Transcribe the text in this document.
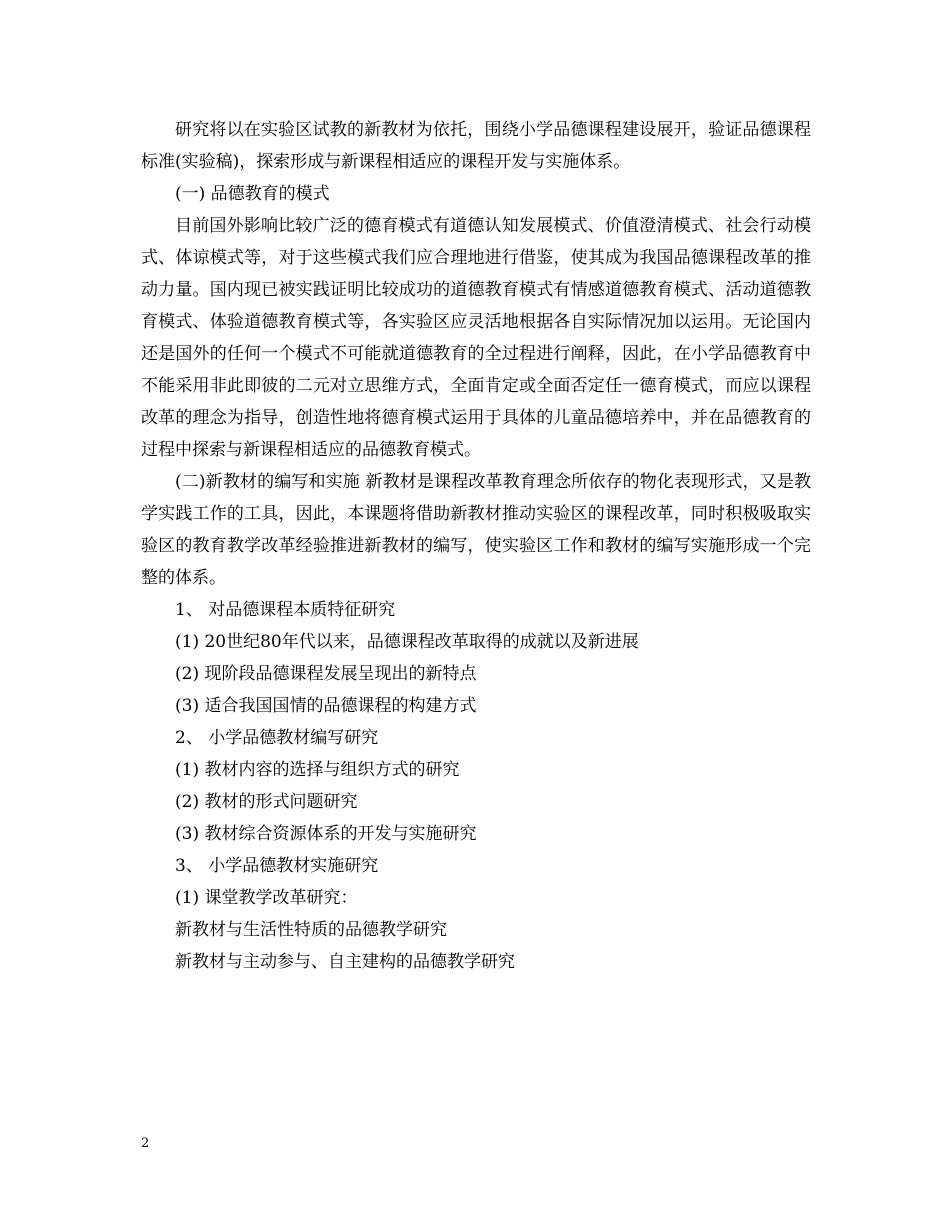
研究将以在实验区试教的新教材为依托，围绕小学品德课程建设展开，验证品德课程标准(实验稿)，探索形成与新课程相适应的课程开发与实施体系。

(一) 品德教育的模式

目前国外影响比较广泛的德育模式有道德认知发展模式、价值澄清模式、社会行动模式、体谅模式等，对于这些模式我们应合理地进行借鉴，使其成为我国品德课程改革的推动力量。国内现已被实践证明比较成功的道德教育模式有情感道德教育模式、活动道德教育模式、体验道德教育模式等，各实验区应灵活地根据各自实际情况加以运用。无论国内还是国外的任何一个模式不可能就道德教育的全过程进行阐释，因此，在小学品德教育中不能采用非此即彼的二元对立思维方式，全面肯定或全面否定任一德育模式，而应以课程改革的理念为指导，创造性地将德育模式运用于具体的儿童品德培养中，并在品德教育的过程中探索与新课程相适应的品德教育模式。

(二)新教材的编写和实施 新教材是课程改革教育理念所依存的物化表现形式，又是教学实践工作的工具，因此，本课题将借助新教材推动实验区的课程改革，同时积极吸取实验区的教育教学改革经验推进新教材的编写，使实验区工作和教材的编写实施形成一个完整的体系。

1、 对品德课程本质特征研究

(1) 20世纪80年代以来，品德课程改革取得的成就以及新进展

(2) 现阶段品德课程发展呈现出的新特点

(3) 适合我国国情的品德课程的构建方式

2、 小学品德教材编写研究

(1) 教材内容的选择与组织方式的研究

(2) 教材的形式问题研究

(3) 教材综合资源体系的开发与实施研究

3、 小学品德教材实施研究

(1) 课堂教学改革研究：

新教材与生活性特质的品德教学研究

新教材与主动参与、自主建构的品德教学研究

2
